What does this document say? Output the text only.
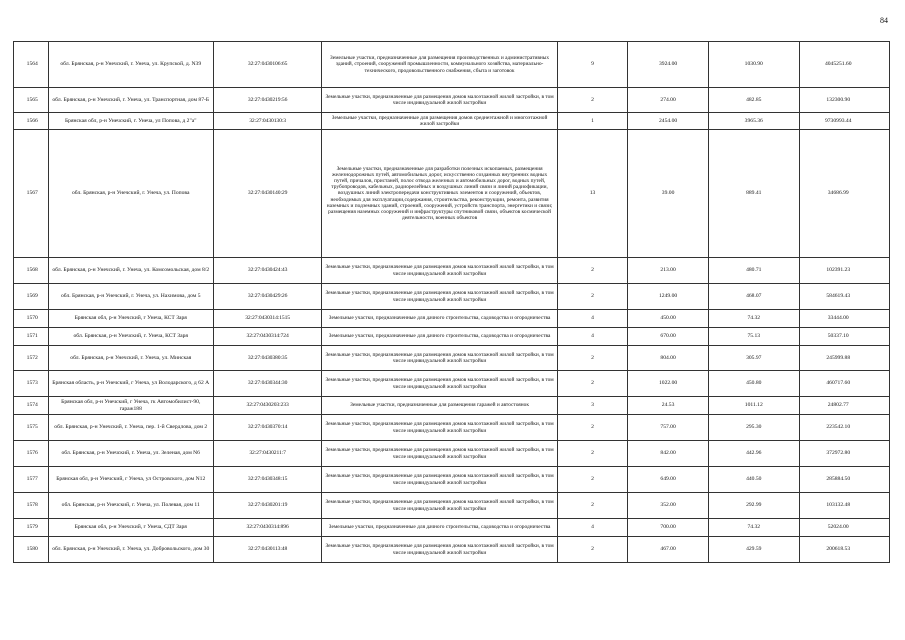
84
1564	обл. Брянская, р-н Унечский, г. Унеча, ул. Крупской, д. N39	32:27:0430106:65	Земельные участки, предназначенные для размещения производственных и административных зданий, строений, сооружений промышленности, коммунального хозяйства, материально-технического, продовольственного снабжения, сбыта и заготовок	9	3924.00	1030.90	4045251.60
1565	обл. Брянская, р-н Унечский, г. Унеча, ул. Транспортная, дом 87-Б	32:27:0430219:56	Земельные участки, предназначенные для размещения домов малоэтажной жилой застройки, в том числе индивидуальной жилой застройки	2	274.00	482.85	132300.90
1566	Брянская обл, р-н Унечский, г. Унеча, ул Попова, д 2"а"	32:27:0430130:3	Земельные участки, предназначенные для размещения домов среднеэтажной и многоэтажной жилой застройки	1	2454.00	3965.36	9730993.44
1567	обл. Брянская, р-н Унечский, г. Унеча, ул. Попова	32:27:0430140:29	Земельные участки, предназначенные для разработки полезных ископаемых, размещения железнодорожных путей, автомобильных дорог, искусственно созданных внутренних водных путей, причалов, пристаней, полос отвода железных и автомобильных дорог, водных путей, трубопроводов, кабельных, радиорелейных и воздушных линий связи и линий радиофикации, воздушных линий электропередачи конструктивных элементов и сооружений, объектов, необходимых для эксплуатации,содержания, строительства, реконструкции, ремонта, развития наземных и подземных зданий, строений, сооружений, устройств транспорта, энергетики и связи; размещения наземных сооружений и инфраструктуры спутниковой связи, объектов космической деятельности, военных объектов	13	39.00	889.41	34686.99
1568	обл. Брянская, р-н Унечский, г. Унеча, ул. Комсомольская, дом 8/2	32:27:0430424:43	Земельные участки, предназначенные для размещения домов малоэтажной жилой застройки, в том числе индивидуальной жилой застройки	2	213.00	480.71	102391.23
1569	обл. Брянская, р-н Унечский, г. Унеча, ул. Нахимова, дом 5	32:27:0430429:26	Земельные участки, предназначенные для размещения домов малоэтажной жилой застройки, в том числе индивидуальной жилой застройки	2	1249.00	468.07	584619.43
1570	Брянская обл, р-н Унечский, г Унеча, КСТ Заря	32:27:0430314:1515	Земельные участки, предназначенные для дачного строительства, садоводства и огородничества	4	450.00	74.32	33444.00
1571	обл. Брянская, р-н Унечский, г. Унеча, КСТ Заря	32:27:0430314:724	Земельные участки, предназначенные для дачного строительства, садоводства и огородничества	4	670.00	75.13	50337.10
1572	обл. Брянская, р-н Унечский, г. Унеча, ул. Минская	32:27:0430380:35	Земельные участки, предназначенные для размещения домов малоэтажной жилой застройки, в том числе индивидуальной жилой застройки	2	804.00	305.97	245999.88
1573	Брянская область, р-н Унечский, г Унеча, ул Володарского, д 62 А	32:27:0430344:30	Земельные участки, предназначенные для размещения домов малоэтажной жилой застройки, в том числе индивидуальной жилой застройки	2	1022.00	450.80	460717.60
1574	Брянская обл, р-н Унечский, г Унеча, гк Автомобилист-90, гараж188	32:27:0430203:233	Земельные участки, предназначенные для размещения гаражей и автостоянок	3	24.53	1011.12	24802.77
1575	обл. Брянская, р-н Унечский, г. Унеча, пер. 1-й Свердлова, дом 2	32:27:0430370:14	Земельные участки, предназначенные для размещения домов малоэтажной жилой застройки, в том числе индивидуальной жилой застройки	2	757.00	295.30	223542.10
1576	обл. Брянская, р-н Унечский, г. Унеча, ул. Зеленая, дом N6	32:27:0430211:7	Земельные участки, предназначенные для размещения домов малоэтажной жилой застройки, в том числе индивидуальной жилой застройки	2	842.00	442.96	372972.80
1577	Брянская обл, р-н Унечский, г Унеча, ул Островского, дом N12	32:27:0430348:15	Земельные участки, предназначенные для размещения домов малоэтажной жилой застройки, в том числе индивидуальной жилой застройки	2	649.00	440.50	285884.50
1578	обл. Брянская, р-н Унечский, г. Унеча, ул. Полевая, дом 11	32:27:0430201:19	Земельные участки, предназначенные для размещения домов малоэтажной жилой застройки, в том числе индивидуальной жилой застройки	2	352.00	292.99	103132.48
1579	Брянская обл, р-н Унечский, г Унеча, СДТ Заря	32:27:0430314:896	Земельные участки, предназначенные для дачного строительства, садоводства и огородничества	4	700.00	74.32	52024.00
1580	обл. Брянская, р-н Унечский, г. Унеча, ул. Добровольского, дом 30	32:27:0430113:48	Земельные участки, предназначенные для размещения домов малоэтажной жилой застройки, в том числе индивидуальной жилой застройки	2	467.00	429.59	200618.53
